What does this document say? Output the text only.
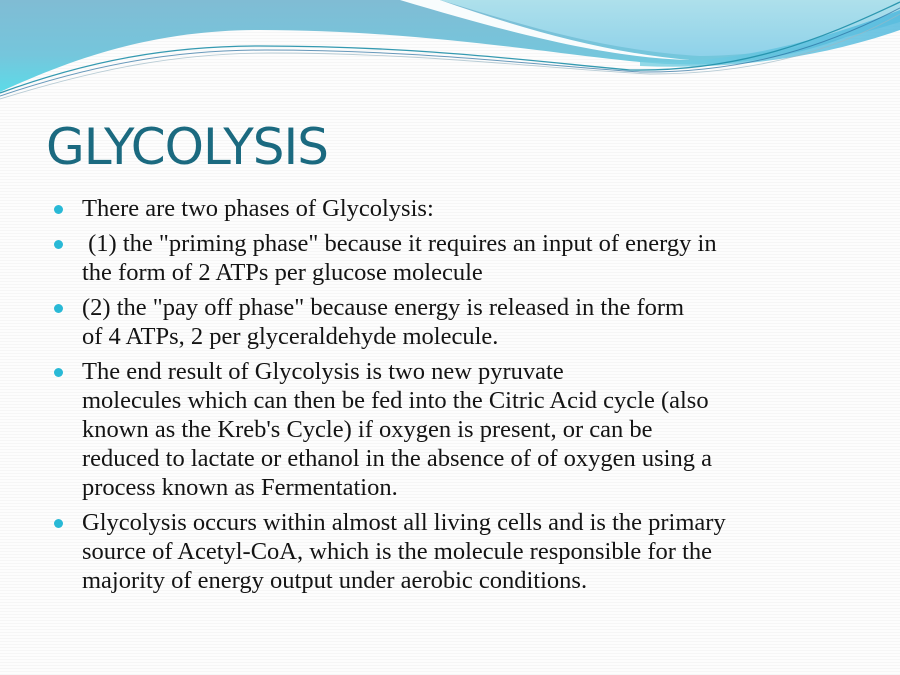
GLYCOLYSIS
There are two phases of Glycolysis:
(1) the "priming phase" because it requires an input of energy in
the form of 2 ATPs per glucose molecule
(2) the "pay off phase" because energy is released in the form
of 4 ATPs, 2 per glyceraldehyde molecule.
The end result of Glycolysis is two new pyruvate
molecules which can then be fed into the Citric Acid cycle (also
known as the Kreb's Cycle) if oxygen is present, or can be
reduced to lactate or ethanol in the absence of of oxygen using a
process known as Fermentation.
Glycolysis occurs within almost all living cells and is the primary
source of Acetyl-CoA, which is the molecule responsible for the
majority of energy output under aerobic conditions.
